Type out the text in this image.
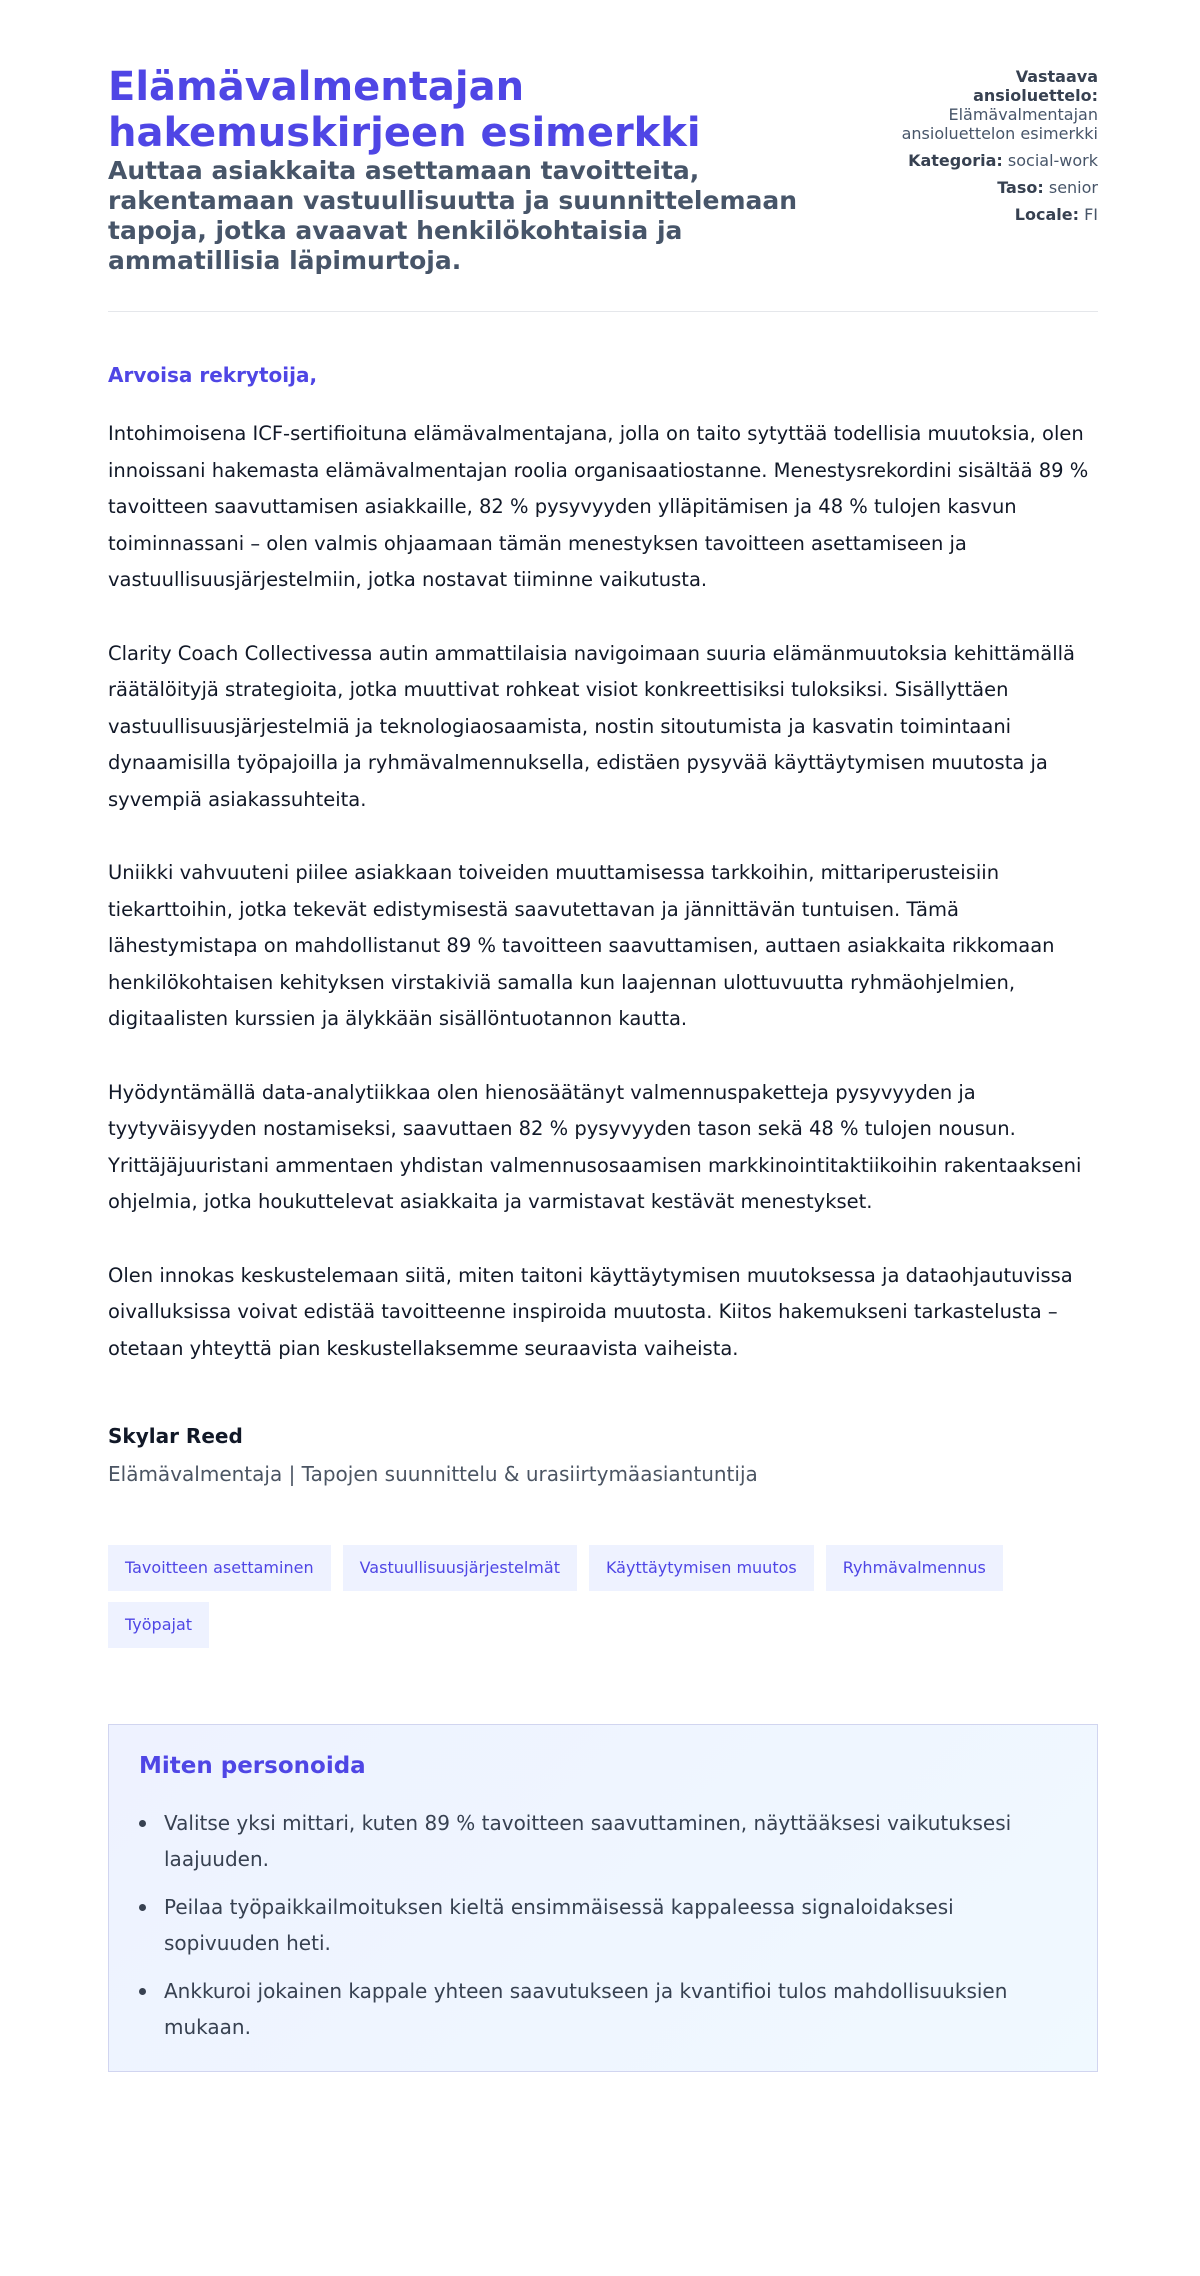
Elämävalmentajan hakemuskirjeen esimerkki
Auttaa asiakkaita asettamaan tavoitteita, rakentamaan vastuullisuutta ja suunnittelemaan tapoja, jotka avaavat henkilökohtaisia ja ammatillisia läpimurtoja.
Vastaava ansioluettelo: Elämävalmentajan ansioluettelon esimerkki
Kategoria: social-work
Taso: senior
Locale: FI
Arvoisa rekrytoija,

Intohimoisena ICF-sertifioituna elämävalmentajana, jolla on taito sytyttää todellisia muutoksia, olen innoissani hakemasta elämävalmentajan roolia organisaatiostanne. Menestysrekordini sisältää 89 % tavoitteen saavuttamisen asiakkaille, 82 % pysyvyyden ylläpitämisen ja 48 % tulojen kasvun toiminnassani – olen valmis ohjaamaan tämän menestyksen tavoitteen asettamiseen ja vastuullisuusjärjestelmiin, jotka nostavat tiiminne vaikutusta.

Clarity Coach Collectivessa autin ammattilaisia navigoimaan suuria elämänmuutoksia kehittämällä räätälöityjä strategioita, jotka muuttivat rohkeat visiot konkreettisiksi tuloksiksi. Sisällyttäen vastuullisuusjärjestelmiä ja teknologiaosaamista, nostin sitoutumista ja kasvatin toimintaani dynaamisilla työpajoilla ja ryhmävalmennuksella, edistäen pysyvää käyttäytymisen muutosta ja syvempiä asiakassuhteita.

Uniikki vahvuuteni piilee asiakkaan toiveiden muuttamisessa tarkkoihin, mittariperusteisiin tiekarttoihin, jotka tekevät edistymisestä saavutettavan ja jännittävän tuntuisen. Tämä lähestymistapa on mahdollistanut 89 % tavoitteen saavuttamisen, auttaen asiakkaita rikkomaan henkilökohtaisen kehityksen virstakiviä samalla kun laajennan ulottuvuutta ryhmäohjelmien, digitaalisten kurssien ja älykkään sisällöntuotannon kautta.

Hyödyntämällä data-analytiikkaa olen hienosäätänyt valmennuspaketteja pysyvyyden ja tyytyväisyyden nostamiseksi, saavuttaen 82 % pysyvyyden tason sekä 48 % tulojen nousun. Yrittäjäjuuristani ammentaen yhdistan valmennusosaamisen markkinointitaktiikoihin rakentaakseni ohjelmia, jotka houkuttelevat asiakkaita ja varmistavat kestävät menestykset.

Olen innokas keskustelemaan siitä, miten taitoni käyttäytymisen muutoksessa ja dataohjautuvissa oivalluksissa voivat edistää tavoitteenne inspiroida muutosta. Kiitos hakemukseni tarkastelusta – otetaan yhteyttä pian keskustellaksemme seuraavista vaiheista.

Skylar Reed
Elämävalmentaja | Tapojen suunnittelu & urasiirtymäasiantuntija
Tavoitteen asettaminen	Vastuullisuusjärjestelmät	Käyttäytymisen muutos	Ryhmävalmennus
Työpajat
Miten personoida
Valitse yksi mittari, kuten 89 % tavoitteen saavuttaminen, näyttääksesi vaikutuksesi laajuuden.
Peilaa työpaikkailmoituksen kieltä ensimmäisessä kappaleessa signaloidaksesi sopivuuden heti.
Ankkuroi jokainen kappale yhteen saavutukseen ja kvantifioi tulos mahdollisuuksien mukaan.
